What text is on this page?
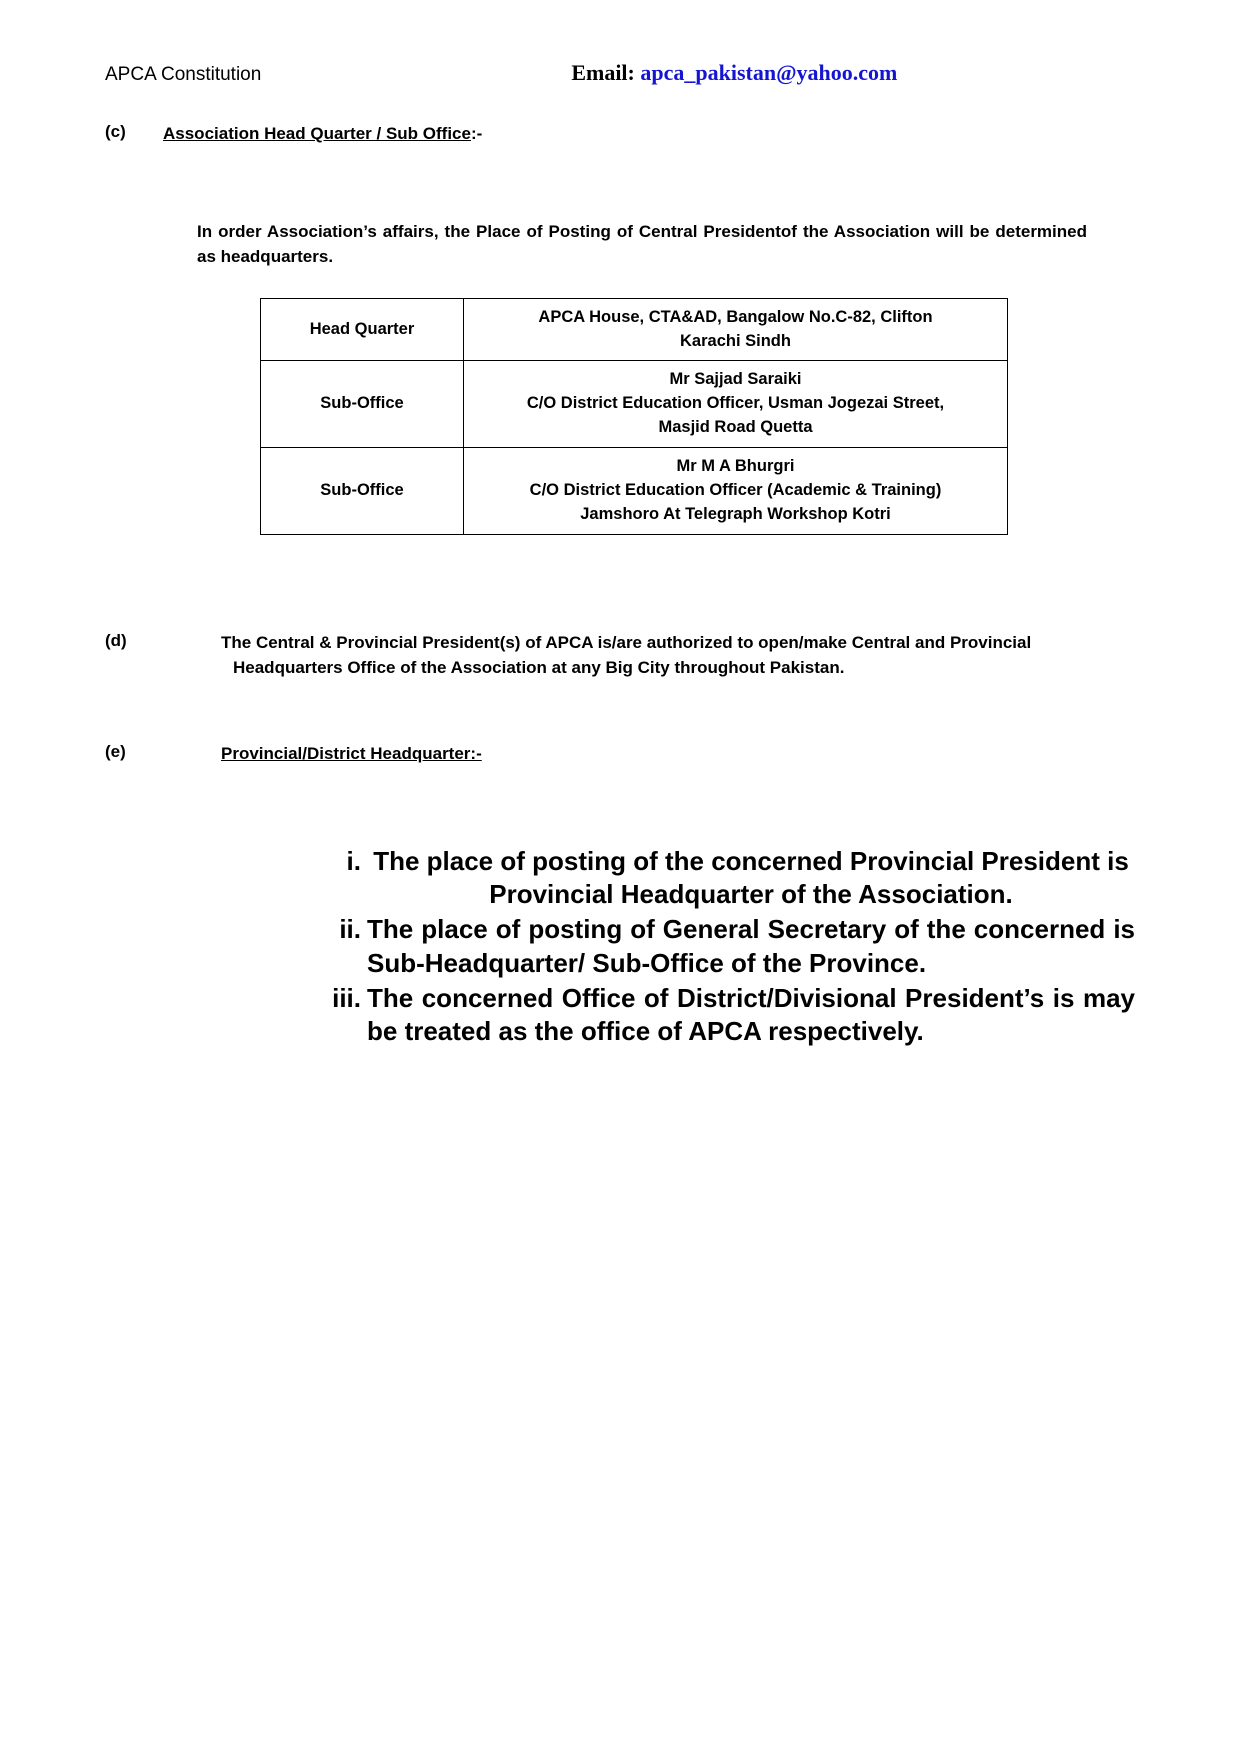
APCA Constitution	Email: apca_pakistan@yahoo.com
(c)	Association Head Quarter / Sub Office:-
In order Association’s affairs, the Place of Posting of Central Presidentof the Association will be determined as headquarters.
Head Quarter	APCA House, CTA&AD, Bangalow No.C-82, Clifton
Karachi Sindh
Sub-Office	Mr Sajjad Saraiki
C/O District Education Officer, Usman Jogezai Street,
Masjid Road Quetta
Sub-Office	Mr M A Bhurgri
C/O District Education Officer (Academic & Training)
Jamshoro At Telegraph Workshop Kotri
(d)	The Central & Provincial President(s) of APCA is/are authorized to open/make Central and Provincial
Headquarters Office of the Association at any Big City throughout Pakistan.
(e)	Provincial/District Headquarter:-
i. The place of posting of the concerned Provincial President is Provincial Headquarter of the Association.
ii. The place of posting of General Secretary of the concerned is Sub-Headquarter/ Sub-Office of the Province.
iii. The concerned Office of District/Divisional President’s is may be treated as the office of APCA respectively.
